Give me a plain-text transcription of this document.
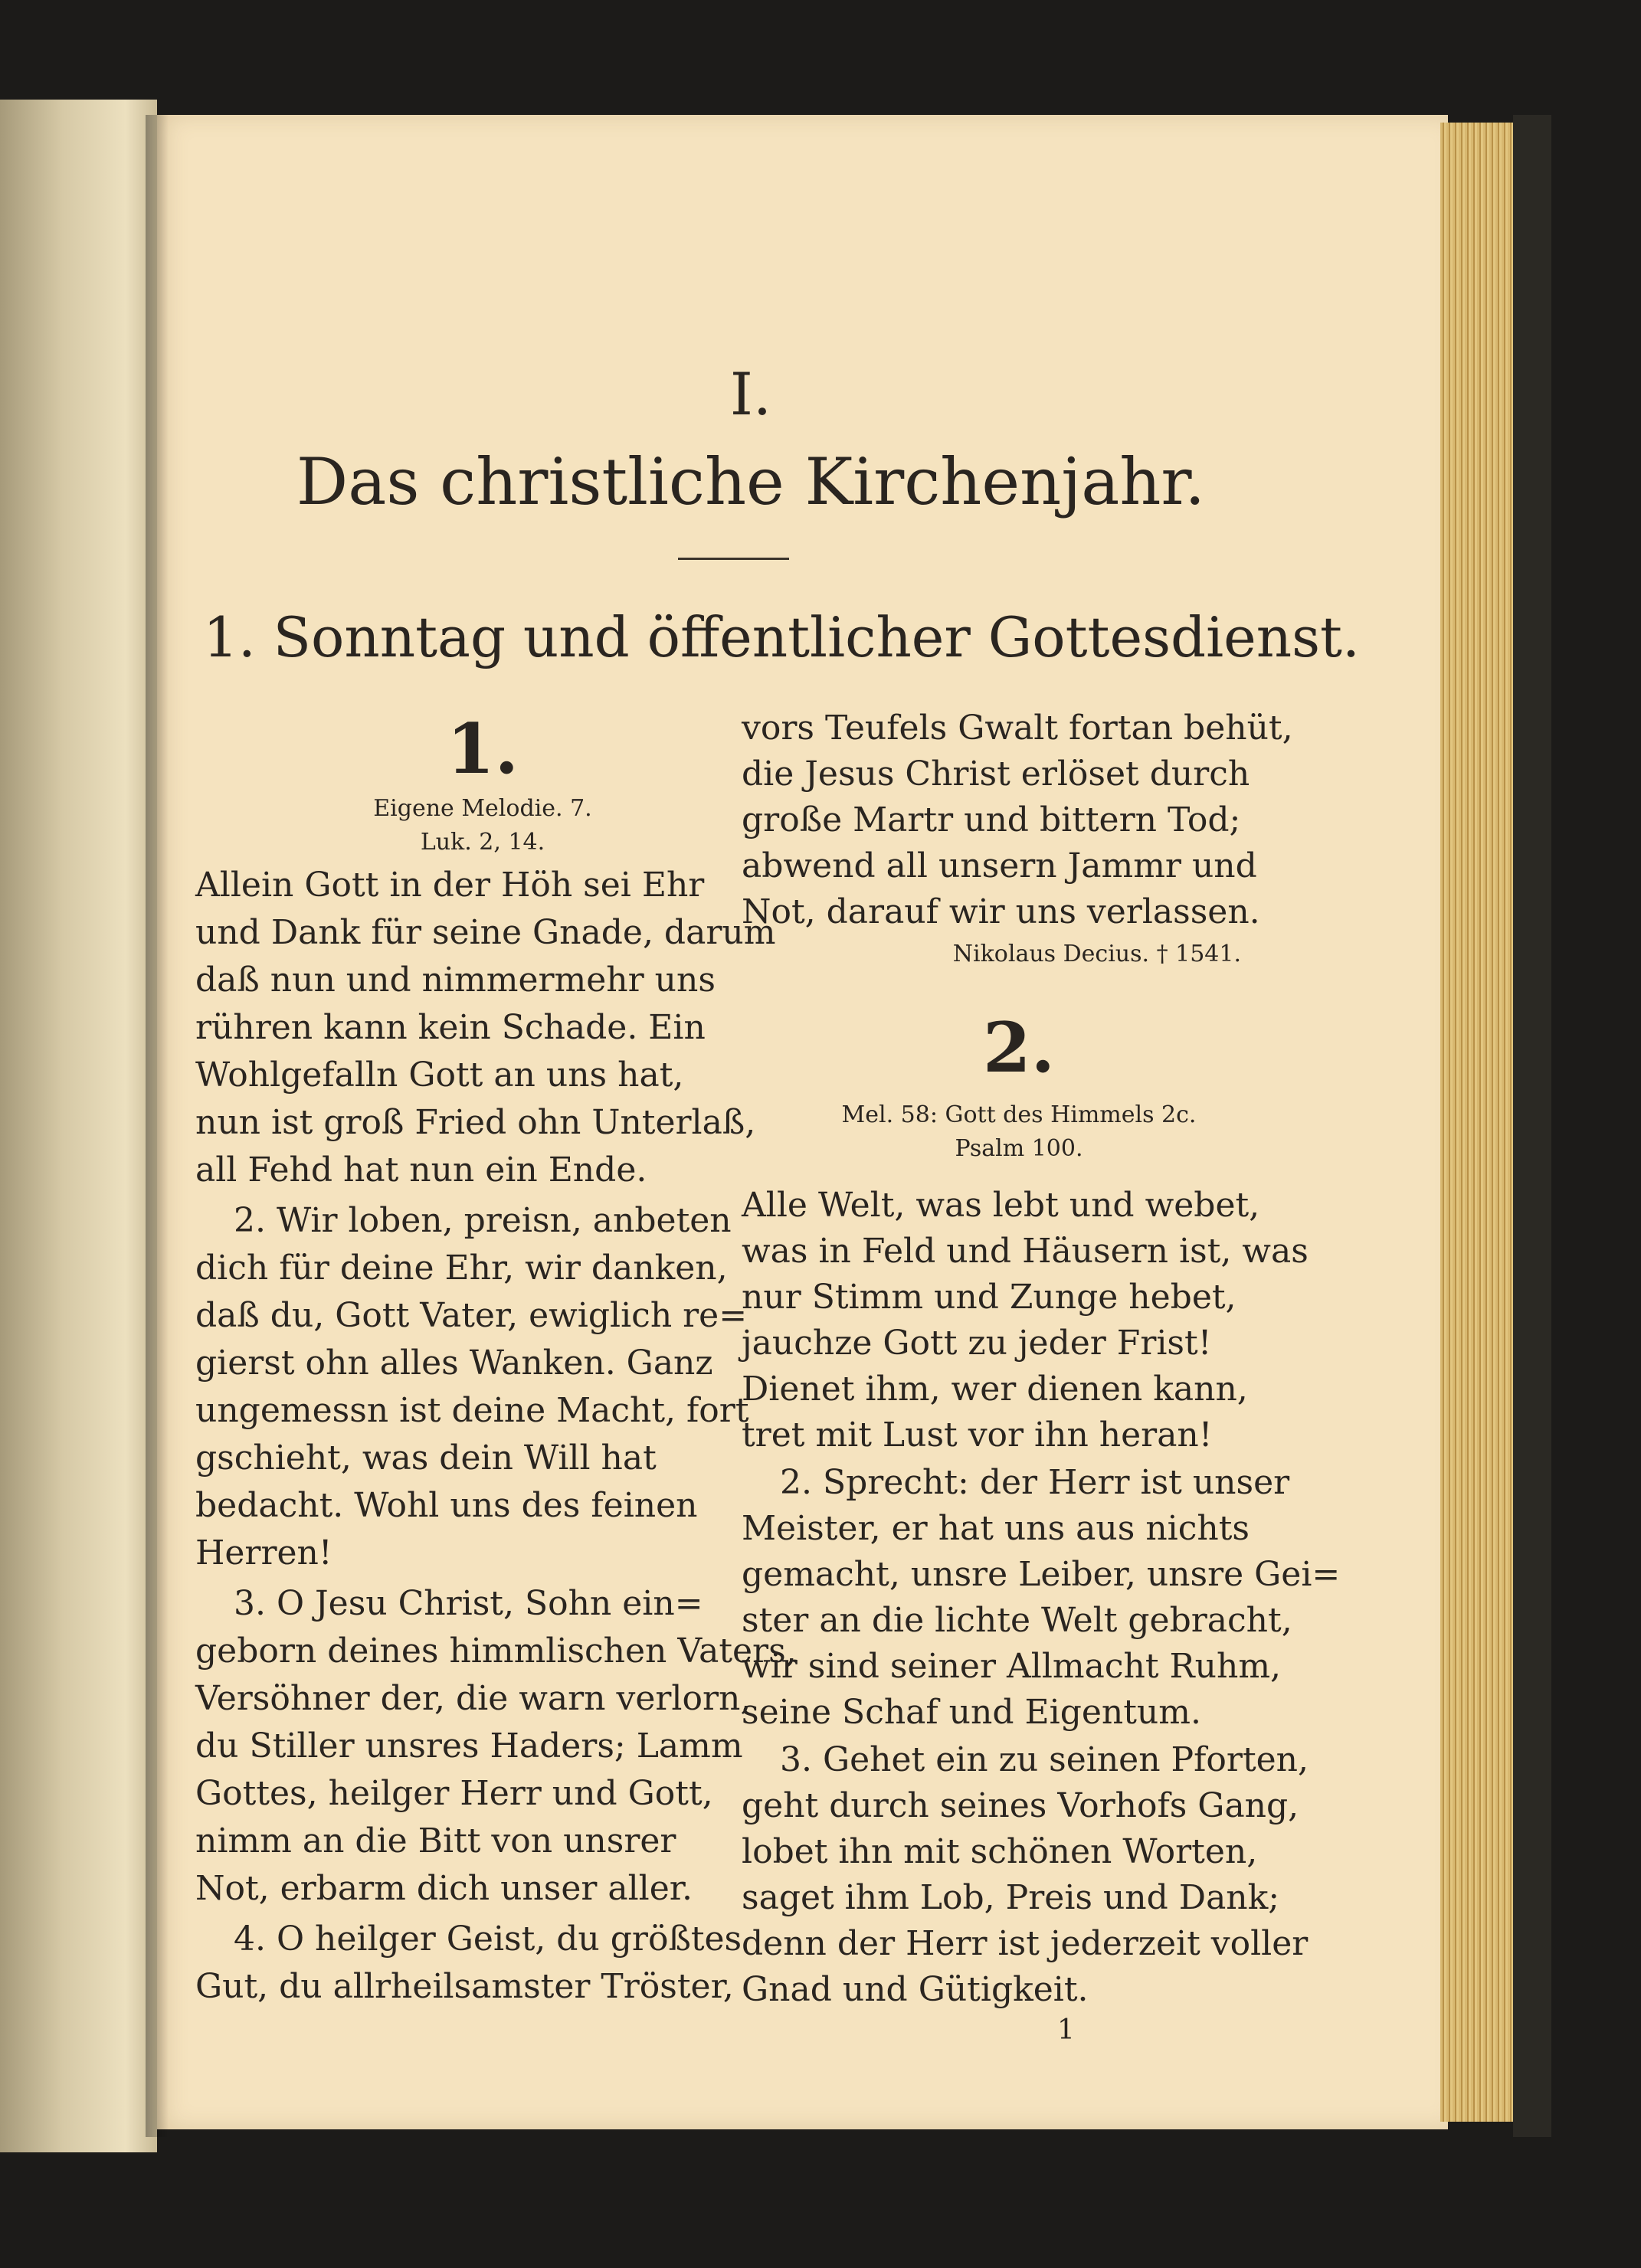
I.
Das christliche Kirchenjahr.
1. Sonntag und öffentlicher Gottesdienst.
1.
Eigene Melodie. 7.
Luk. 2, 14.
Allein Gott in der Höh sei Ehr
und Dank für seine Gnade, darum
daß nun und nimmermehr uns
rühren kann kein Schade. Ein
Wohlgefalln Gott an uns hat,
nun ist groß Fried ohn Unterlaß,
all Fehd hat nun ein Ende.
2. Wir loben, preisn, anbeten
dich für deine Ehr, wir danken,
daß du, Gott Vater, ewiglich re=
gierst ohn alles Wanken. Ganz
ungemessn ist deine Macht, fort
gschieht, was dein Will hat
bedacht. Wohl uns des feinen
Herren!
3. O Jesu Christ, Sohn ein=
geborn deines himmlischen Vaters,
Versöhner der, die warn verlorn,
du Stiller unsres Haders; Lamm
Gottes, heilger Herr und Gott,
nimm an die Bitt von unsrer
Not, erbarm dich unser aller.
4. O heilger Geist, du größtes
Gut, du allrheilsamster Tröster,
vors Teufels Gwalt fortan behüt,
die Jesus Christ erlöset durch
große Martr und bittern Tod;
abwend all unsern Jammr und
Not, darauf wir uns verlassen.
Nikolaus Decius. † 1541.
2.
Mel. 58: Gott des Himmels 2c.
Psalm 100.
Alle Welt, was lebt und webet,
was in Feld und Häusern ist, was
nur Stimm und Zunge hebet,
jauchze Gott zu jeder Frist!
Dienet ihm, wer dienen kann,
tret mit Lust vor ihn heran!
2. Sprecht: der Herr ist unser
Meister, er hat uns aus nichts
gemacht, unsre Leiber, unsre Gei=
ster an die lichte Welt gebracht,
wir sind seiner Allmacht Ruhm,
seine Schaf und Eigentum.
3. Gehet ein zu seinen Pforten,
geht durch seines Vorhofs Gang,
lobet ihn mit schönen Worten,
saget ihm Lob, Preis und Dank;
denn der Herr ist jederzeit voller
Gnad und Gütigkeit.
1
